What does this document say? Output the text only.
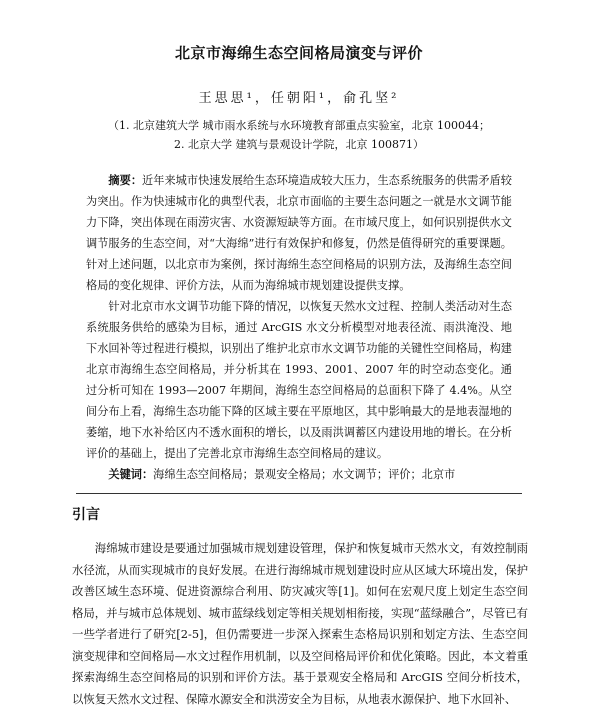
北京市海绵生态空间格局演变与评价
王思思¹，任朝阳¹，俞孔坚²
（1. 北京建筑大学 城市雨水系统与水环境教育部重点实验室，北京 100044；
2. 北京大学 建筑与景观设计学院，北京 100871）

摘要：近年来城市快速发展给生态环境造成较大压力，生态系统服务的供需矛盾较为突出。作为快速城市化的典型代表，北京市面临的主要生态问题之一就是水文调节能力下降，突出体现在雨涝灾害、水资源短缺等方面。在市域尺度上，如何识别提供水文调节服务的生态空间，对“大海绵”进行有效保护和修复，仍然是值得研究的重要课题。针对上述问题，以北京市为案例，探讨海绵生态空间格局的识别方法，及海绵生态空间格局的变化规律、评价方法，从而为海绵城市规划建设提供支撑。

针对北京市水文调节功能下降的情况，以恢复天然水文过程、控制人类活动对生态系统服务供给的感染为目标，通过 ArcGIS 水文分析模型对地表径流、雨洪淹没、地下水回补等过程进行模拟，识别出了维护北京市水文调节功能的关键性空间格局，构建北京市海绵生态空间格局，并分析其在 1993、2001、2007 年的时空动态变化。通过分析可知在 1993—2007 年期间，海绵生态空间格局的总面积下降了 4.4%。从空间分布上看，海绵生态功能下降的区域主要在平原地区，其中影响最大的是地表湿地的萎缩，地下水补给区内不透水面积的增长，以及雨洪调蓄区内建设用地的增长。在分析评价的基础上，提出了完善北京市海绵生态空间格局的建议。

关键词：海绵生态空间格局；景观安全格局；水文调节；评价；北京市
引言

海绵城市建设是要通过加强城市规划建设管理，保护和恢复城市天然水文，有效控制雨水径流，从而实现城市的良好发展。在进行海绵城市规划建设时应从区域大环境出发，保护改善区域生态环境、促进资源综合利用、防灾减灾等[1]。如何在宏观尺度上划定生态空间格局，并与城市总体规划、城市蓝绿线划定等相关规划相衔接，实现“蓝绿融合”，尽管已有一些学者进行了研究[2-5]，但仍需要进一步深入探索生态格局识别和划定方法、生态空间演变规律和空间格局—水文过程作用机制，以及空间格局评价和优化策略。因此，本文着重探索海绵生态空间格局的识别和评价方法。基于景观安全格局和 ArcGIS 空间分析技术，以恢复天然水文过程、保障水源安全和洪涝安全为目标，从地表水源保护、地下水回补、
